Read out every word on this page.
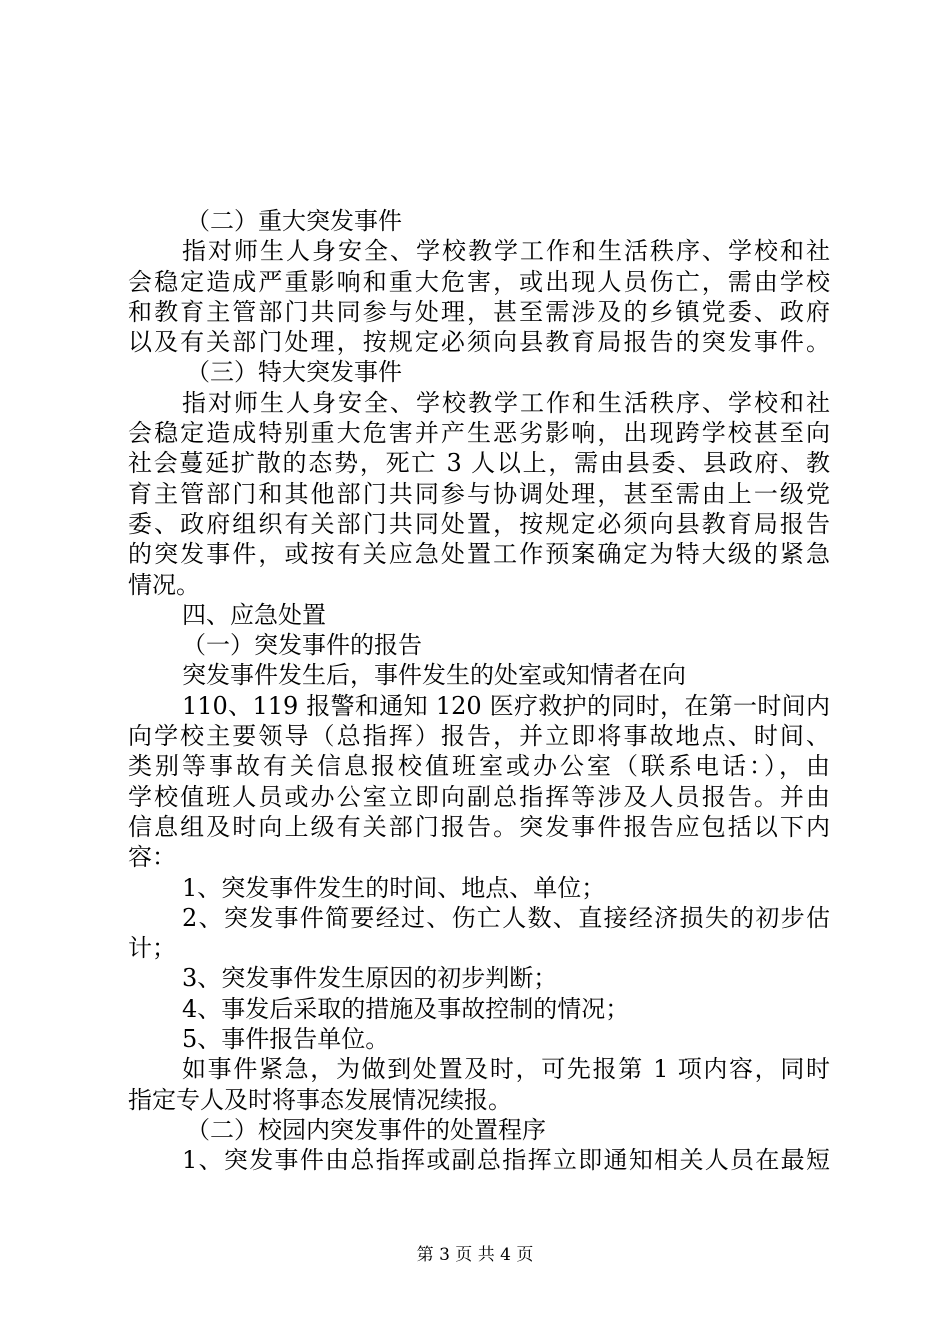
（二）重大突发事件
指对师生人身安全、学校教学工作和生活秩序、学校和社
会稳定造成严重影响和重大危害，或出现人员伤亡，需由学校
和教育主管部门共同参与处理，甚至需涉及的乡镇党委、政府
以及有关部门处理，按规定必须向县教育局报告的突发事件。
（三）特大突发事件
指对师生人身安全、学校教学工作和生活秩序、学校和社
会稳定造成特别重大危害并产生恶劣影响，出现跨学校甚至向
社会蔓延扩散的态势，死亡 3 人以上，需由县委、县政府、教
育主管部门和其他部门共同参与协调处理，甚至需由上一级党
委、政府组织有关部门共同处置，按规定必须向县教育局报告
的突发事件，或按有关应急处置工作预案确定为特大级的紧急
情况。
四、应急处置
（一）突发事件的报告
突发事件发生后，事件发生的处室或知情者在向
110、119 报警和通知 120 医疗救护的同时，在第一时间内
向学校主要领导（总指挥）报告，并立即将事故地点、时间、
类别等事故有关信息报校值班室或办公室（联系电话：），由
学校值班人员或办公室立即向副总指挥等涉及人员报告。并由
信息组及时向上级有关部门报告。突发事件报告应包括以下内
容：
1、突发事件发生的时间、地点、单位；
2、突发事件简要经过、伤亡人数、直接经济损失的初步估
计；
3、突发事件发生原因的初步判断；
4、事发后采取的措施及事故控制的情况；
5、事件报告单位。
如事件紧急，为做到处置及时，可先报第 1 项内容，同时
指定专人及时将事态发展情况续报。
（二）校园内突发事件的处置程序
1、突发事件由总指挥或副总指挥立即通知相关人员在最短
第 3 页 共 4 页
